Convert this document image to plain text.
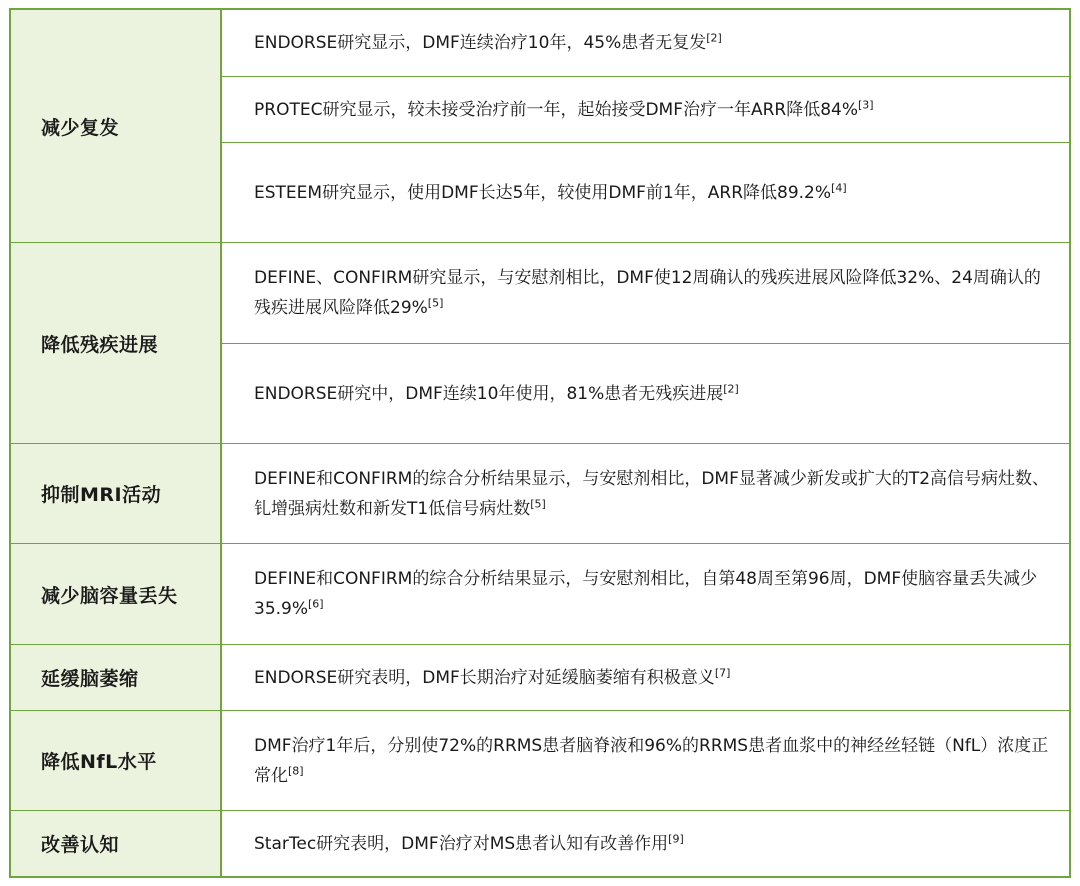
减少复发
ENDORSE研究显示，DMF连续治疗10年，45%患者无复发[2]
PROTEC研究显示，较未接受治疗前一年，起始接受DMF治疗一年ARR降低84%[3]
ESTEEM研究显示，使用DMF长达5年，较使用DMF前1年，ARR降低89.2%[4]
降低残疾进展
DEFINE、CONFIRM研究显示，与安慰剂相比，DMF使12周确认的残疾进展风险降低32%、24周确认的残疾进展风险降低29%[5]
ENDORSE研究中，DMF连续10年使用，81%患者无残疾进展[2]
抑制MRI活动
DEFINE和CONFIRM的综合分析结果显示，与安慰剂相比，DMF显著减少新发或扩大的T2高信号病灶数、钆增强病灶数和新发T1低信号病灶数[5]
减少脑容量丢失
DEFINE和CONFIRM的综合分析结果显示，与安慰剂相比，自第48周至第96周，DMF使脑容量丢失减少35.9%[6]
延缓脑萎缩	ENDORSE研究表明，DMF长期治疗对延缓脑萎缩有积极意义[7]
降低NfL水平
DMF治疗1年后，分别使72%的RRMS患者脑脊液和96%的RRMS患者血浆中的神经丝轻链（NfL）浓度正常化[8]
改善认知	StarTec研究表明，DMF治疗对MS患者认知有改善作用[9]
